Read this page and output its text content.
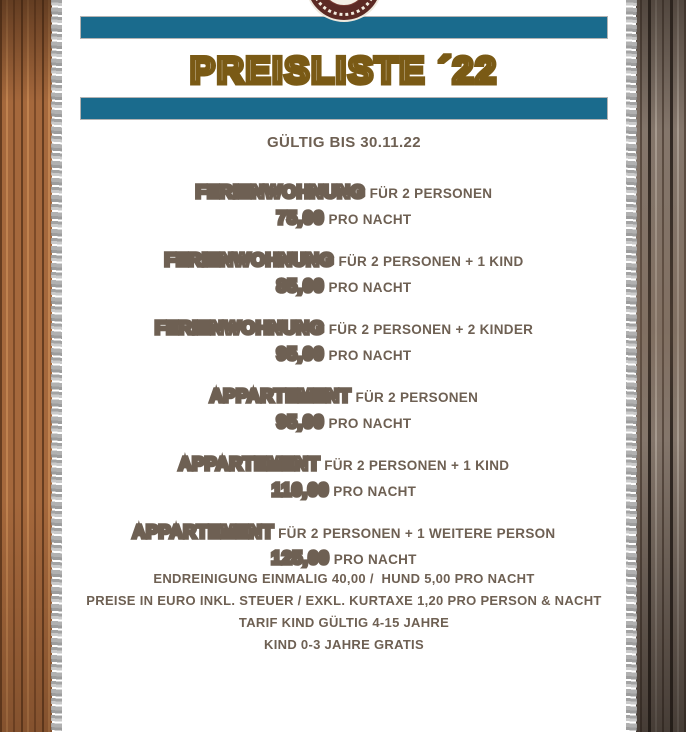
PREISLISTE ´22
GÜLTIG BIS 30.11.22
FERIENWOHNUNG FÜR 2 PERSONEN
75,00 PRO NACHT
FERIENWOHNUNG FÜR 2 PERSONEN + 1 KIND
85,00 PRO NACHT
FERIENWOHNUNG FÜR 2 PERSONEN + 2 KINDER
95,00 PRO NACHT
APPARTEMENT FÜR 2 PERSONEN
95,00 PRO NACHT
APPARTEMENT FÜR 2 PERSONEN + 1 KIND
110,00 PRO NACHT
APPARTEMENT FÜR 2 PERSONEN + 1 WEITERE PERSON
125,00 PRO NACHT
ENDREINIGUNG EINMALIG 40,00 /  HUND 5,00 PRO NACHT
PREISE IN EURO INKL. STEUER / EXKL. KURTAXE 1,20 PRO PERSON & NACHT
TARIF KIND GÜLTIG 4-15 JAHRE
KIND 0-3 JAHRE GRATIS
